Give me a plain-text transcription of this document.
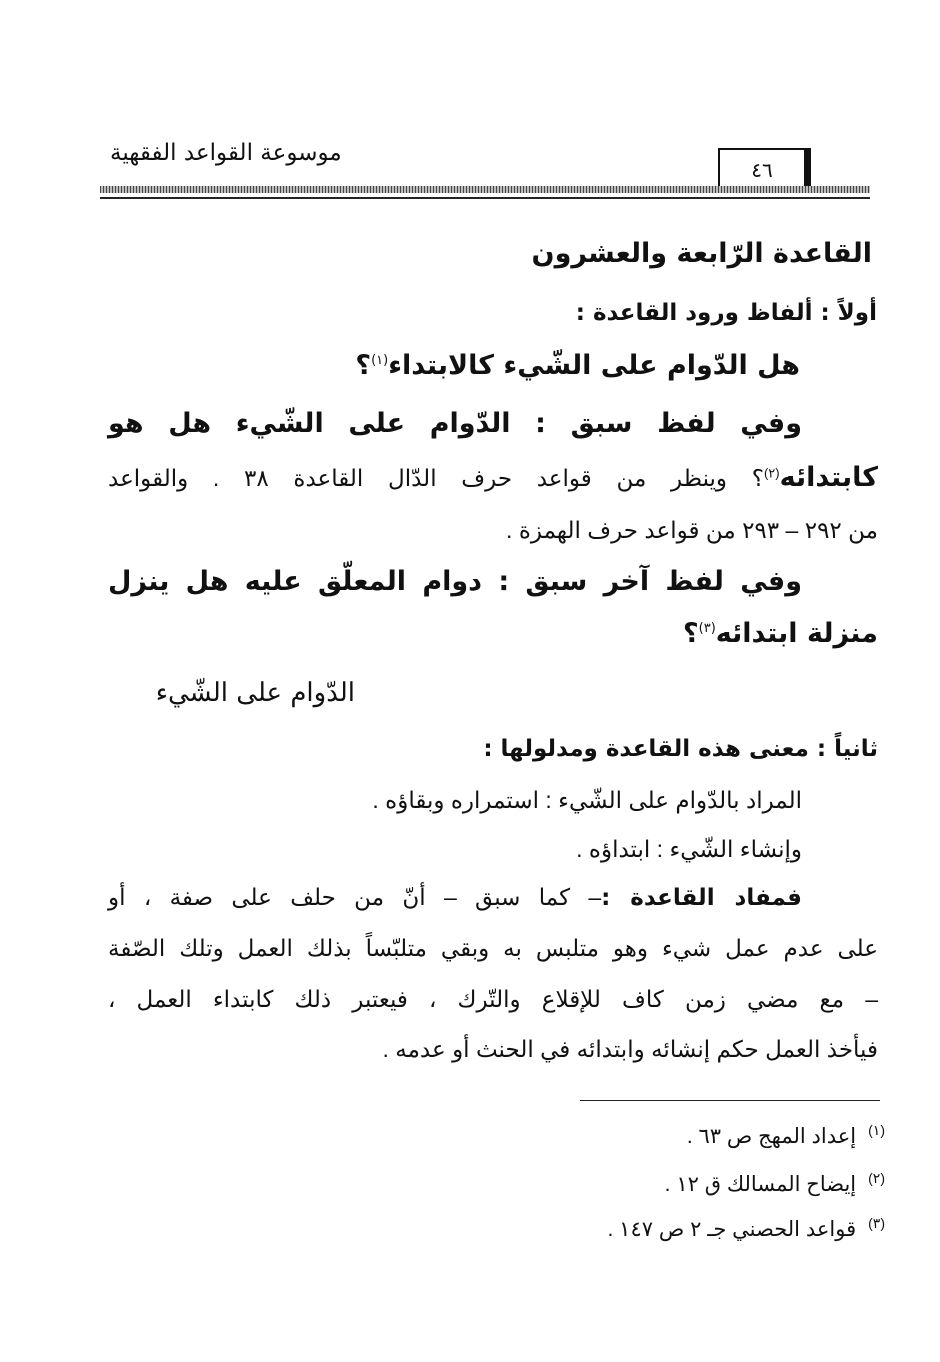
موسوعة القواعد الفقهية
٤٦
القاعدة الرّابعة والعشرون
أولاً : ألفاظ ورود القاعدة :
هل الدّوام على الشّيء كالابتداء$^{(١)}$؟
وفي لفظ سبق : الدّوام على الشّيء هل هو
كابتدائه$^{(٢)}$؟ وينظر من قواعد حرف الدّال القاعدة ٣٨ . والقواعد
من ٢٩٢ – ٢٩٣ من قواعد حرف الهمزة .
وفي لفظ آخر سبق : دوام المعلّق عليه هل ينزل
منزلة ابتدائه$^{(٣)}$؟
الدّوام على الشّيء
ثانياً : معنى هذه القاعدة ومدلولها :
المراد بالدّوام على الشّيء : استمراره وبقاؤه .
وإنشاء الشّيء : ابتداؤه .
فمفاد القاعدة :– كما سبق – أنّ من حلف على صفة ، أو
على عدم عمل شيء وهو متلبس به وبقي متلبّساً بذلك العمل وتلك الصّفة
– مع مضي زمن كاف للإقلاع والتّرك ، فيعتبر ذلك كابتداء العمل ،
فيأخذ العمل حكم إنشائه وابتدائه في الحنث أو عدمه .
$^{(١)}$إعداد المهج ص ٦٣ .
$^{(٢)}$إيضاح المسالك ق ١٢ .
$^{(٣)}$قواعد الحصني جـ ٢ ص ١٤٧ .
